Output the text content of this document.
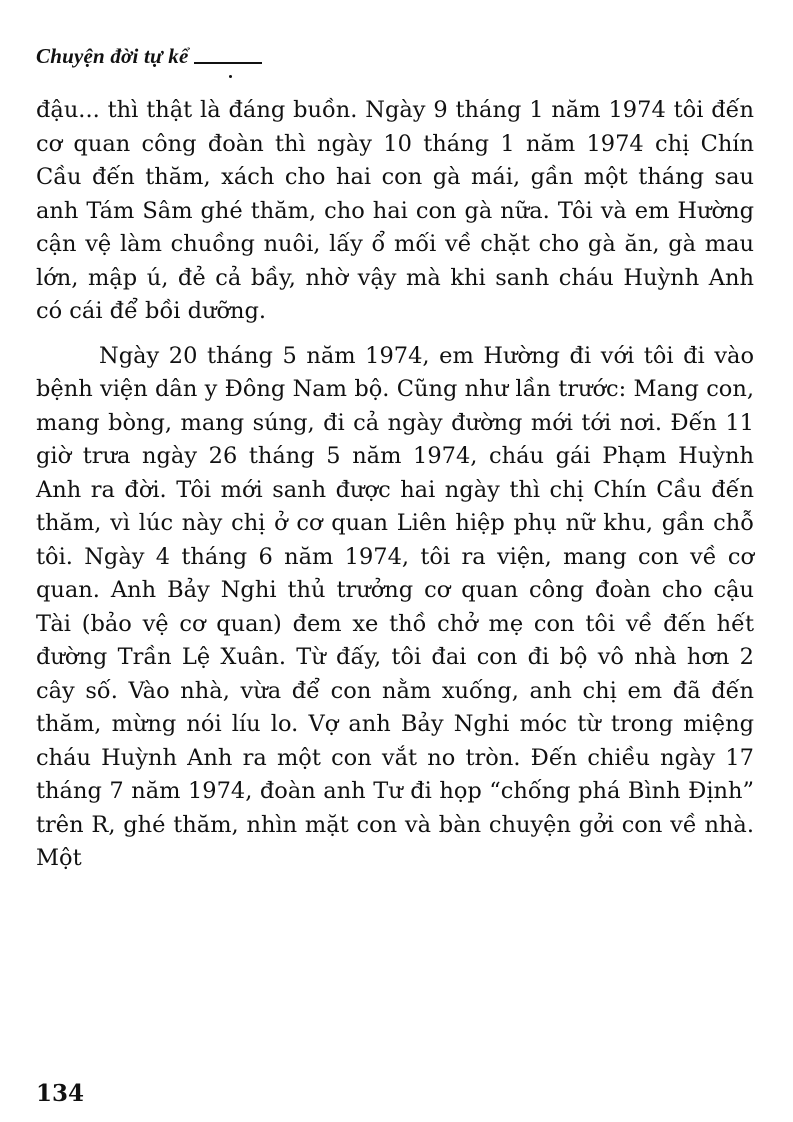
Chuyện đời tự kể

đậu... thì thật là đáng buồn. Ngày 9 tháng 1 năm 1974 tôi đến cơ quan công đoàn thì ngày 10 tháng 1 năm 1974 chị Chín Cầu đến thăm, xách cho hai con gà mái, gần một tháng sau anh Tám Sâm ghé thăm, cho hai con gà nữa. Tôi và em Hường cận vệ làm chuồng nuôi, lấy ổ mối về chặt cho gà ăn, gà mau lớn, mập ú, đẻ cả bầy, nhờ vậy mà khi sanh cháu Huỳnh Anh có cái để bồi dưỡng.

Ngày 20 tháng 5 năm 1974, em Hường đi với tôi đi vào bệnh viện dân y Đông Nam bộ. Cũng như lần trước: Mang con, mang bòng, mang súng, đi cả ngày đường mới tới nơi. Đến 11 giờ trưa ngày 26 tháng 5 năm 1974, cháu gái Phạm Huỳnh Anh ra đời. Tôi mới sanh được hai ngày thì chị Chín Cầu đến thăm, vì lúc này chị ở cơ quan Liên hiệp phụ nữ khu, gần chỗ tôi. Ngày 4 tháng 6 năm 1974, tôi ra viện, mang con về cơ quan. Anh Bảy Nghi thủ trưởng cơ quan công đoàn cho cậu Tài (bảo vệ cơ quan) đem xe thồ chở mẹ con tôi về đến hết đường Trần Lệ Xuân. Từ đấy, tôi đai con đi bộ vô nhà hơn 2 cây số. Vào nhà, vừa để con nằm xuống, anh chị em đã đến thăm, mừng nói líu lo. Vợ anh Bảy Nghi móc từ trong miệng cháu Huỳnh Anh ra một con vắt no tròn. Đến chiều ngày 17 tháng 7 năm 1974, đoàn anh Tư đi họp “chống phá Bình Định” trên R, ghé thăm, nhìn mặt con và bàn chuyện gởi con về nhà. Một

134
